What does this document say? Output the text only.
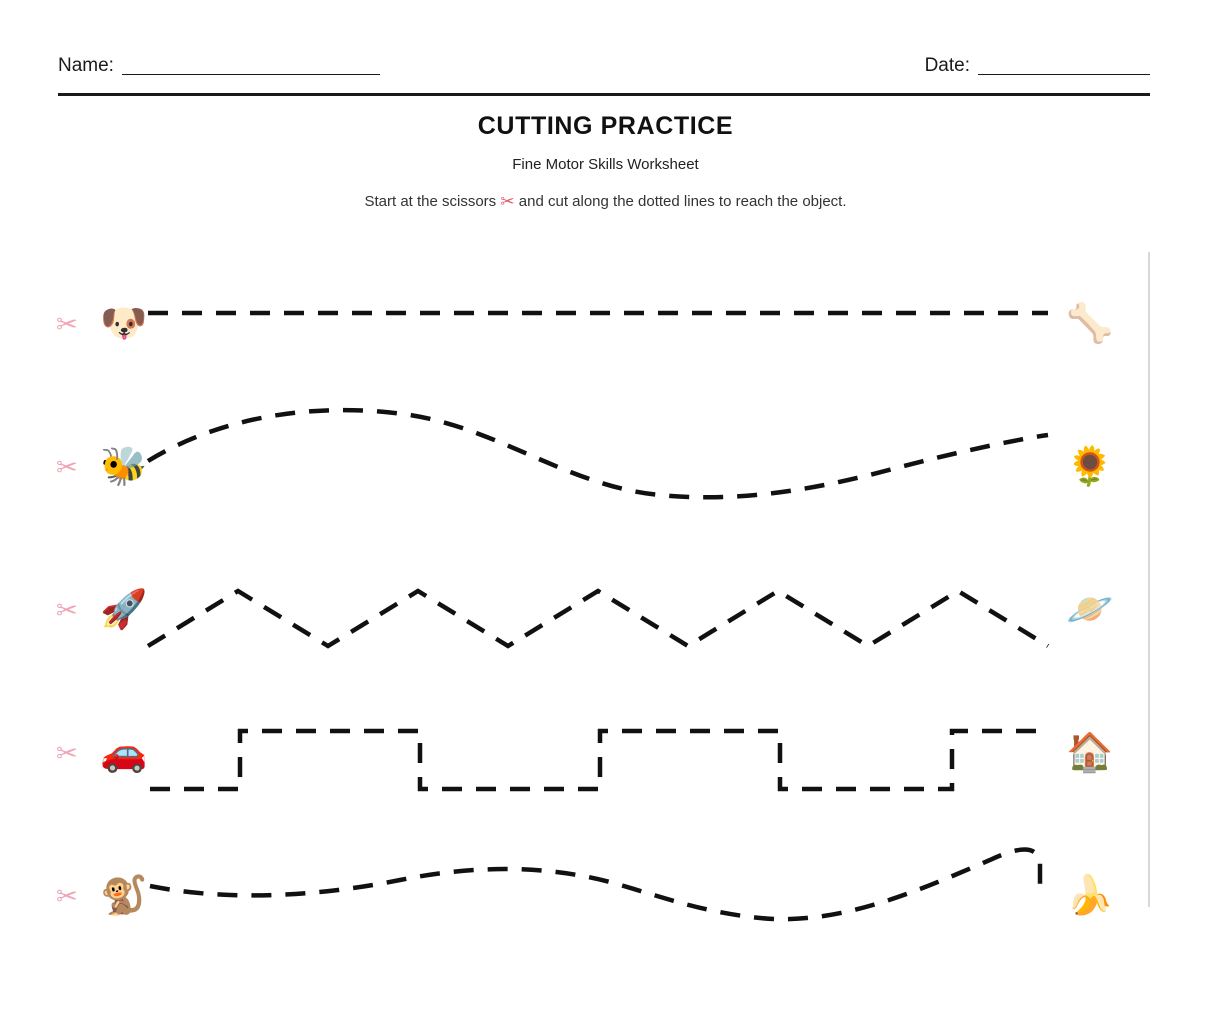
Name:	Date:
CUTTING PRACTICE
Fine Motor Skills Worksheet
Start at the scissors ✂ and cut along the dotted lines to reach the object.
✂ 🐶	🦴
✂ 🐝	🌻
✂ 🚀	🪐
✂ 🚗	🏠
✂ 🐒	🍌
